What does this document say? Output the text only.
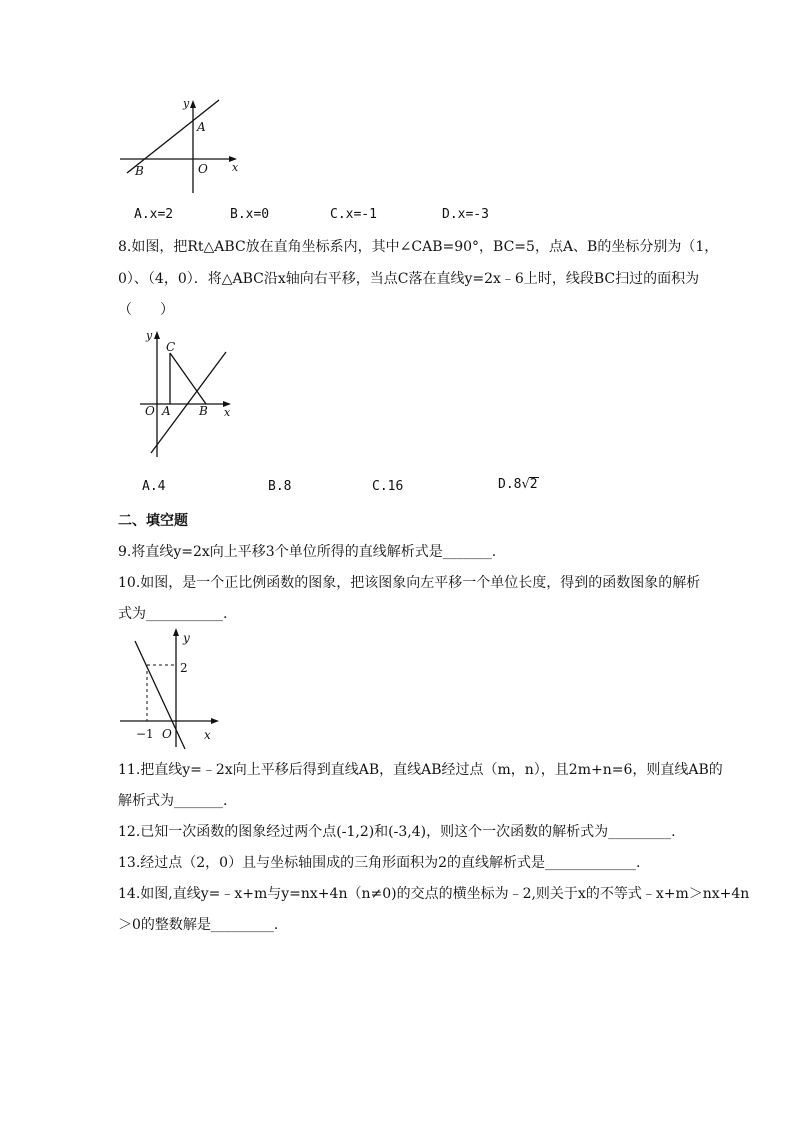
y
x
A
B	O
A.x=2	B.x=0	C.x=-1	D.x=-3
8.如图，把Rt△ABC放在直角坐标系内，其中∠CAB=90°，BC=5，点A、B的坐标分别为（1，
0）、（4，0）．将△ABC沿x轴向右平移，当点C落在直线y=2x﹣6上时，线段BC扫过的面积为
（　　）
y
x
C
O A B
A.4	B.8	C.16	D.8√2
二、填空题
9.将直线y=2x向上平移3个单位所得的直线解析式是_______.
10.如图，是一个正比例函数的图象，把该图象向左平移一个单位长度，得到的函数图象的解析
式为___________.
y
x
2
−1 O
11.把直线y=﹣2x向上平移后得到直线AB，直线AB经过点（m，n），且2m+n=6，则直线AB的
解析式为_______.
12.已知一次函数的图象经过两个点(-1,2)和(-3,4)，则这个一次函数的解析式为_________.
13.经过点（2，0）且与坐标轴围成的三角形面积为2的直线解析式是_____________.
14.如图,直线y=﹣x+m与y=nx+4n（n≠0)的交点的横坐标为﹣2,则关于x的不等式﹣x+m＞nx+4n
＞0的整数解是_________.
